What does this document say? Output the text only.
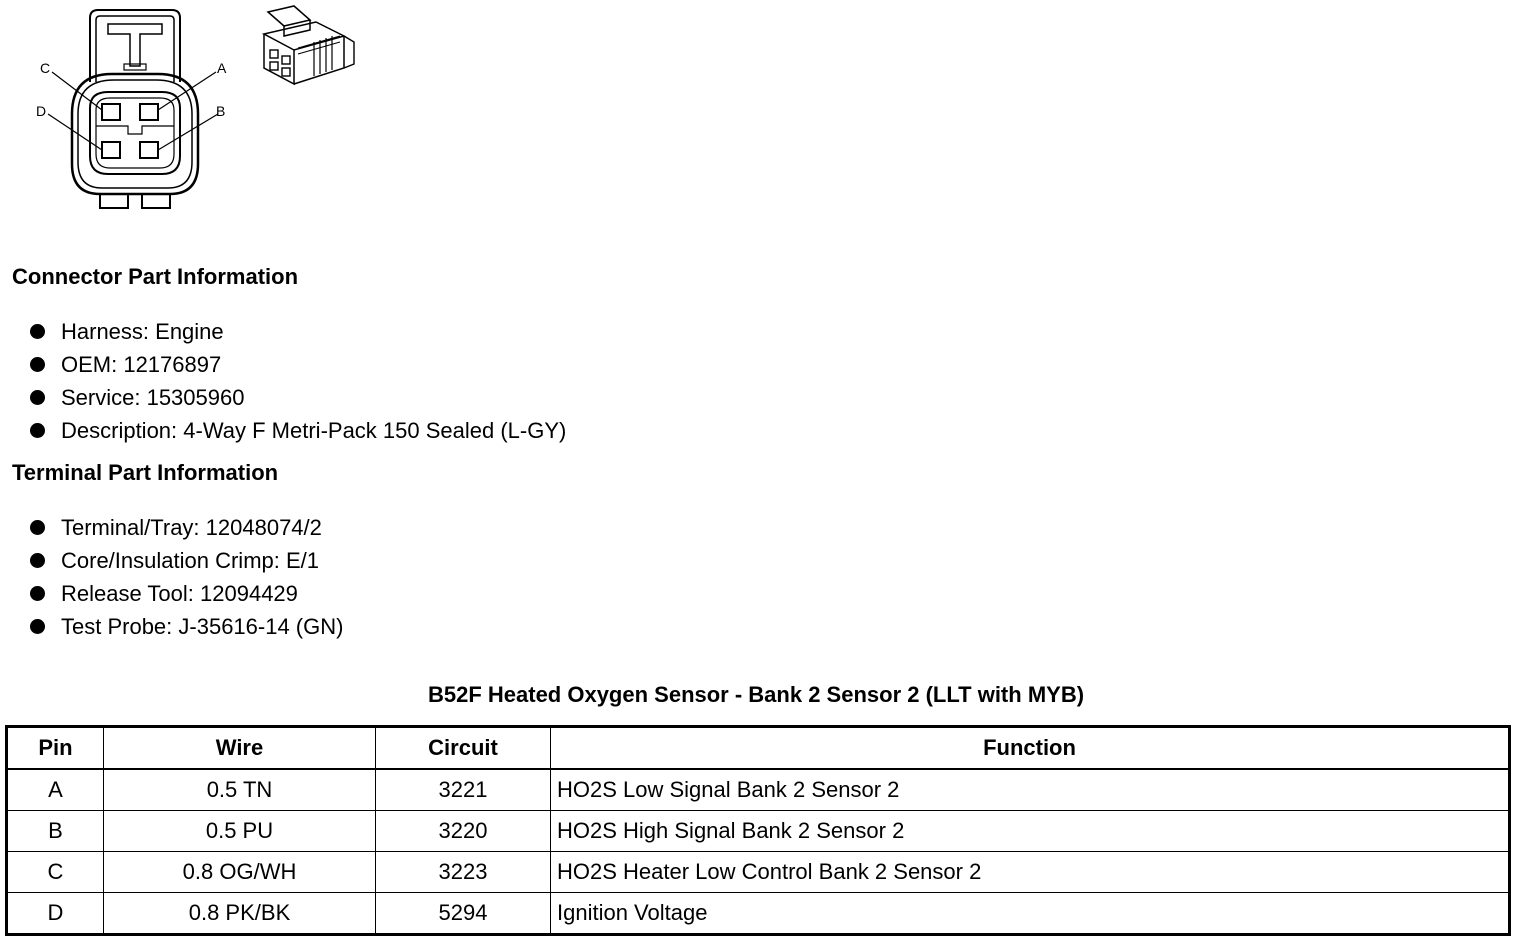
C	A
D	B
Connector Part Information
Harness: Engine
OEM: 12176897
Service: 15305960
Description: 4-Way F Metri-Pack 150 Sealed (L-GY)
Terminal Part Information
Terminal/Tray: 12048074/2
Core/Insulation Crimp: E/1
Release Tool: 12094429
Test Probe: J-35616-14 (GN)
B52F Heated Oxygen Sensor - Bank 2 Sensor 2 (LLT with MYB)
Pin	Wire	Circuit	Function
A	0.5 TN	3221	HO2S Low Signal Bank 2 Sensor 2
B	0.5 PU	3220	HO2S High Signal Bank 2 Sensor 2
C	0.8 OG/WH	3223	HO2S Heater Low Control Bank 2 Sensor 2
D	0.8 PK/BK	5294	Ignition Voltage
